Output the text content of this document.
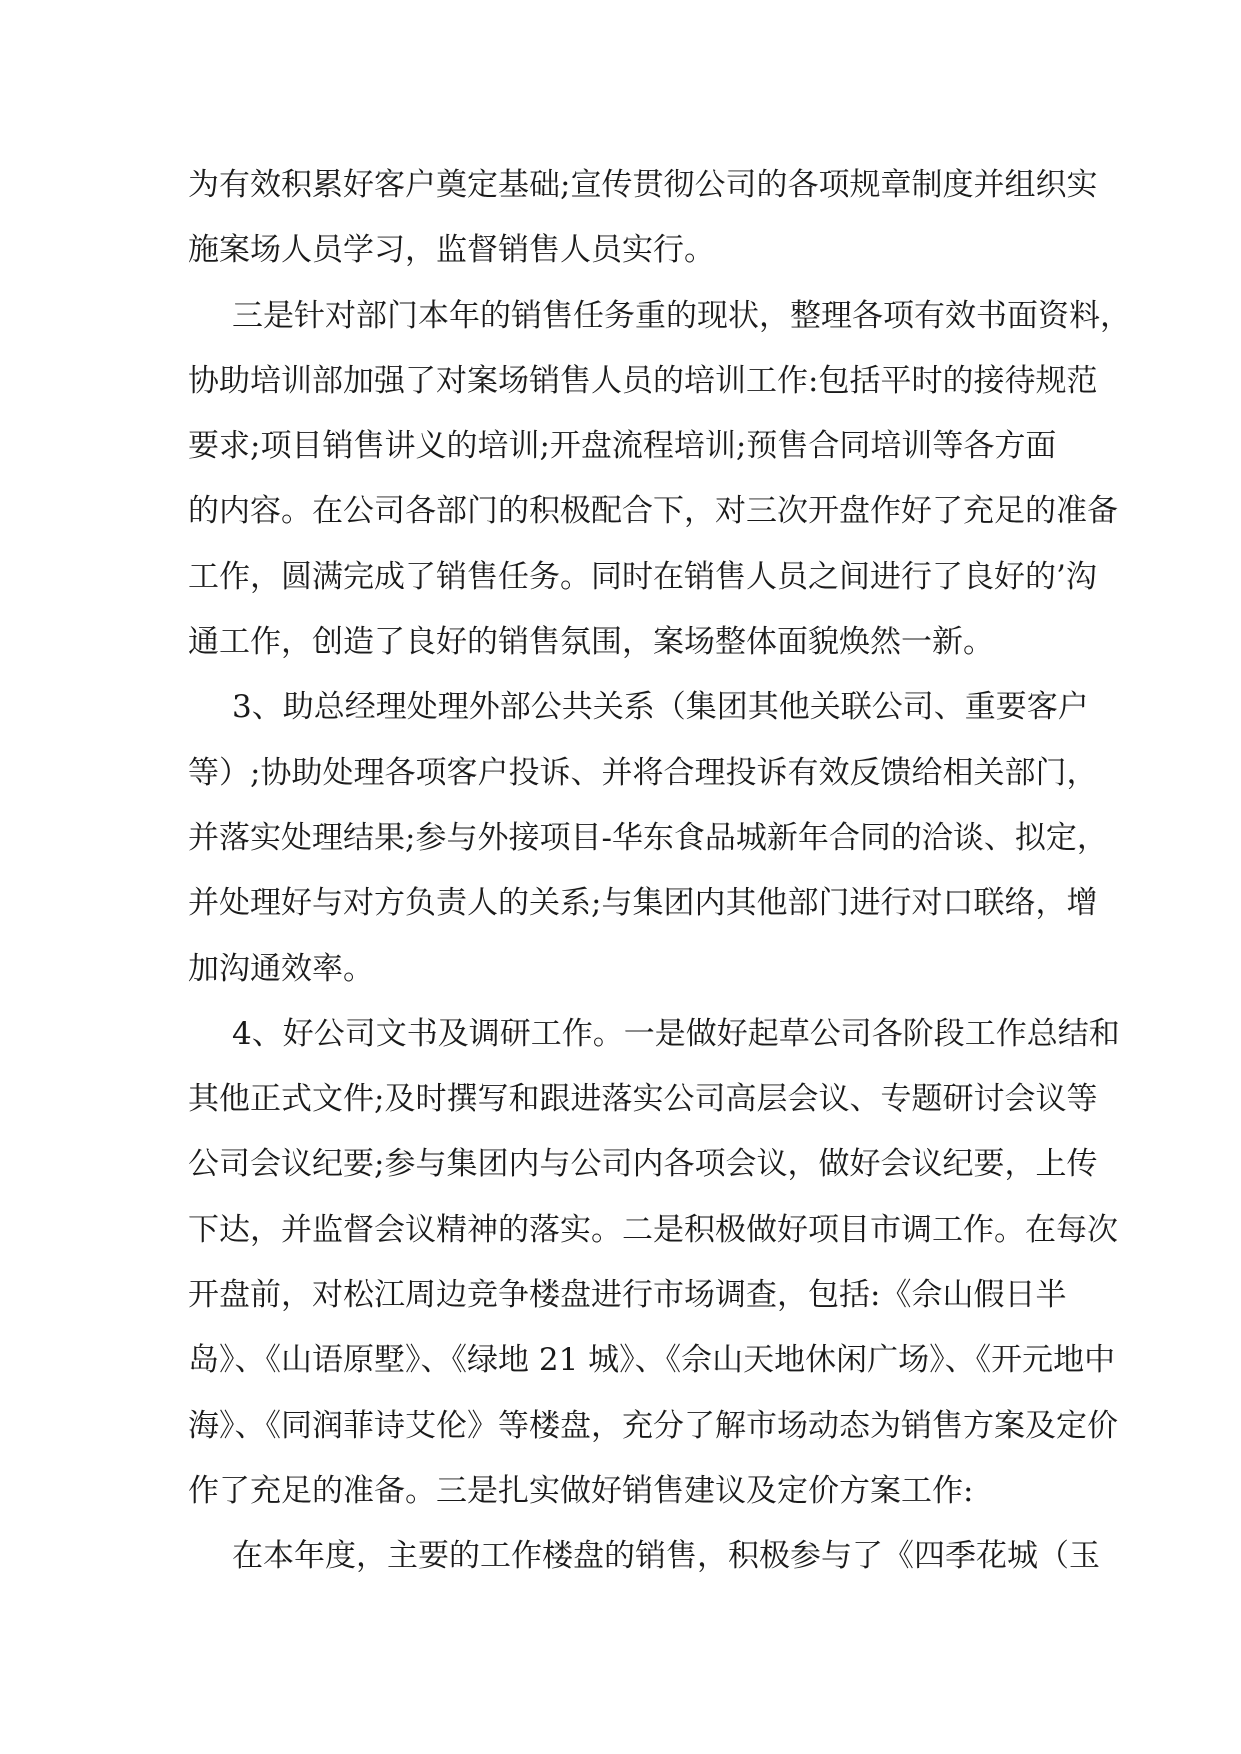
为有效积累好客户奠定基础;宣传贯彻公司的各项规章制度并组织实
施案场人员学习，监督销售人员实行。
三是针对部门本年的销售任务重的现状，整理各项有效书面资料，
协助培训部加强了对案场销售人员的培训工作:包括平时的接待规范
要求;项目销售讲义的培训;开盘流程培训;预售合同培训等各方面
的内容。在公司各部门的积极配合下，对三次开盘作好了充足的准备
工作，圆满完成了销售任务。同时在销售人员之间进行了良好的’沟
通工作，创造了良好的销售氛围，案场整体面貌焕然一新。
3、助总经理处理外部公共关系（集团其他关联公司、重要客户
等）;协助处理各项客户投诉、并将合理投诉有效反馈给相关部门，
并落实处理结果;参与外接项目-华东食品城新年合同的洽谈、拟定，
并处理好与对方负责人的关系;与集团内其他部门进行对口联络，增
加沟通效率。
4、好公司文书及调研工作。一是做好起草公司各阶段工作总结和
其他正式文件;及时撰写和跟进落实公司高层会议、专题研讨会议等
公司会议纪要;参与集团内与公司内各项会议，做好会议纪要，上传
下达，并监督会议精神的落实。二是积极做好项目市调工作。在每次
开盘前，对松江周边竞争楼盘进行市场调查，包括:《佘山假日半
岛》、《山语原墅》、《绿地 21 城》、《佘山天地休闲广场》、《开元地中
海》、《同润菲诗艾伦》等楼盘，充分了解市场动态为销售方案及定价
作了充足的准备。三是扎实做好销售建议及定价方案工作:
在本年度，主要的工作楼盘的销售，积极参与了《四季花城（玉
